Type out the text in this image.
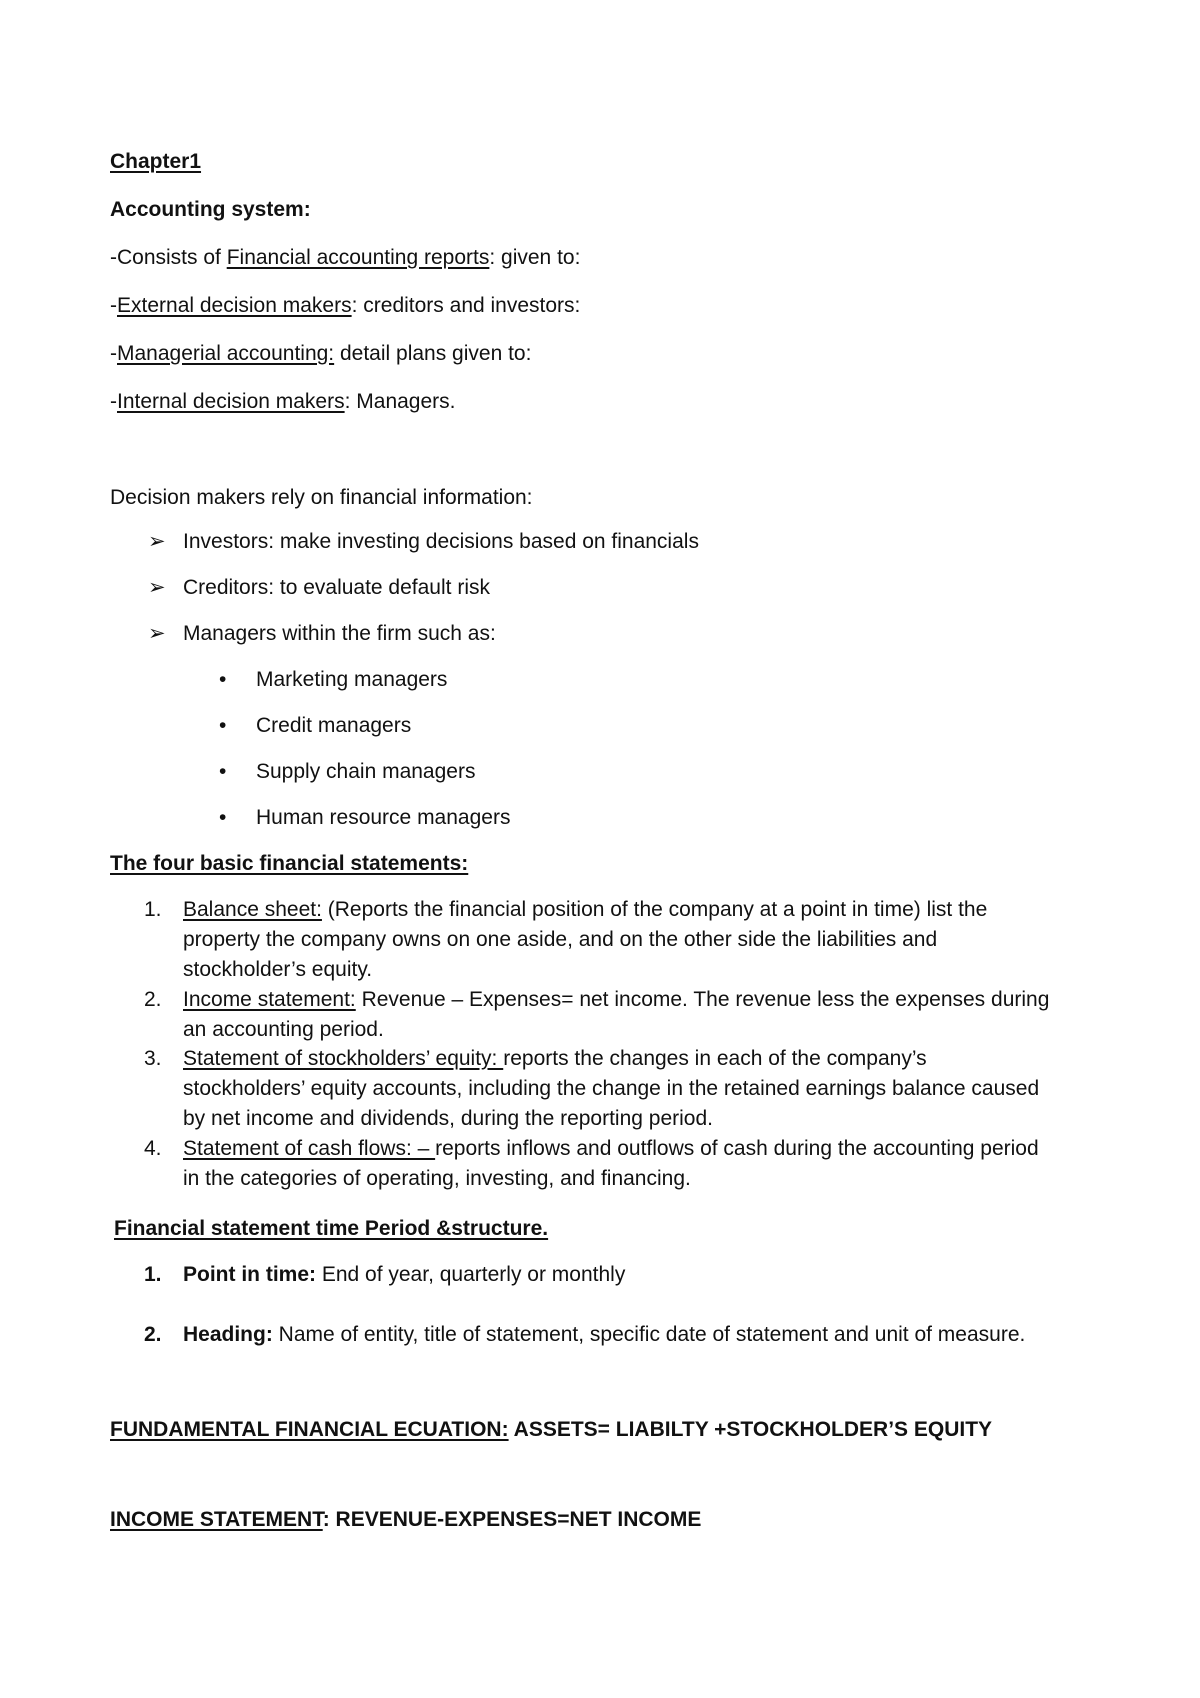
Chapter1
Accounting system:
-Consists of Financial accounting reports: given to:
-External decision makers: creditors and investors:
-Managerial accounting: detail plans given to:
-Internal decision makers: Managers.
Decision makers rely on financial information:
➢ Investors: make investing decisions based on financials
➢ Creditors: to evaluate default risk
➢ Managers within the firm such as:
• Marketing managers
• Credit managers
• Supply chain managers
• Human resource managers
The four basic financial statements:
1. Balance sheet: (Reports the financial position of the company at a point in time) list the
property the company owns on one aside, and on the other side the liabilities and
stockholder’s equity.
2. Income statement: Revenue – Expenses= net income. The revenue less the expenses during
an accounting period.
3. Statement of stockholders’ equity: reports the changes in each of the company’s
stockholders’ equity accounts, including the change in the retained earnings balance caused
by net income and dividends, during the reporting period.
4. Statement of cash flows: – reports inflows and outflows of cash during the accounting period
in the categories of operating, investing, and financing.
Financial statement time Period &structure.
1. Point in time: End of year, quarterly or monthly
2. Heading: Name of entity, title of statement, specific date of statement and unit of measure.
FUNDAMENTAL FINANCIAL ECUATION: ASSETS= LIABILTY +STOCKHOLDER’S EQUITY
INCOME STATEMENT: REVENUE-EXPENSES=NET INCOME
